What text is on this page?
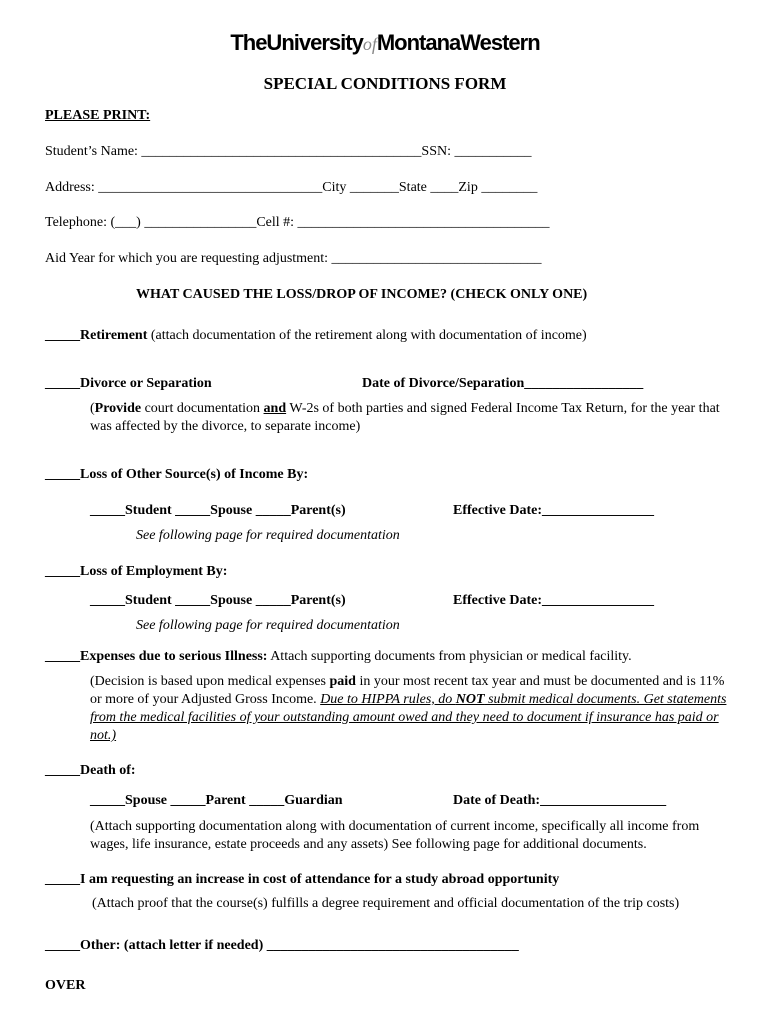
TheUniversityofMontanaWestern
SPECIAL CONDITIONS FORM
PLEASE PRINT:
Student’s Name: ________________________________________SSN: ___________
Address: ________________________________City _______State ____Zip ________
Telephone: (___) ________________Cell #: ____________________________________
Aid Year for which you are requesting adjustment: ______________________________
WHAT CAUSED THE LOSS/DROP OF INCOME? (CHECK ONLY ONE)
_____Retirement (attach documentation of the retirement along with documentation of income)
_____Divorce or Separation	Date of Divorce/Separation_________________
(Provide court documentation and W-2s of both parties and signed Federal Income Tax Return, for the year that was affected by the divorce, to separate income)
_____Loss of Other Source(s) of Income By:
_____Student _____Spouse _____Parent(s)	Effective Date:________________
See following page for required documentation
_____Loss of Employment By:
_____Student _____Spouse _____Parent(s)	Effective Date:________________
See following page for required documentation
_____Expenses due to serious Illness: Attach supporting documents from physician or medical facility.
(Decision is based upon medical expenses paid in your most recent tax year and must be documented and is 11% or more of your Adjusted Gross Income. Due to HIPPA rules, do NOT submit medical documents. Get statements from the medical facilities of your outstanding amount owed and they need to document if insurance has paid or not.)
_____Death of:
_____Spouse _____Parent _____Guardian	Date of Death:__________________
(Attach supporting documentation along with documentation of current income, specifically all income from wages, life insurance, estate proceeds and any assets) See following page for additional documents.
_____I am requesting an increase in cost of attendance for a study abroad opportunity
(Attach proof that the course(s) fulfills a degree requirement and official documentation of the trip costs)
_____Other: (attach letter if needed) ____________________________________
OVER
